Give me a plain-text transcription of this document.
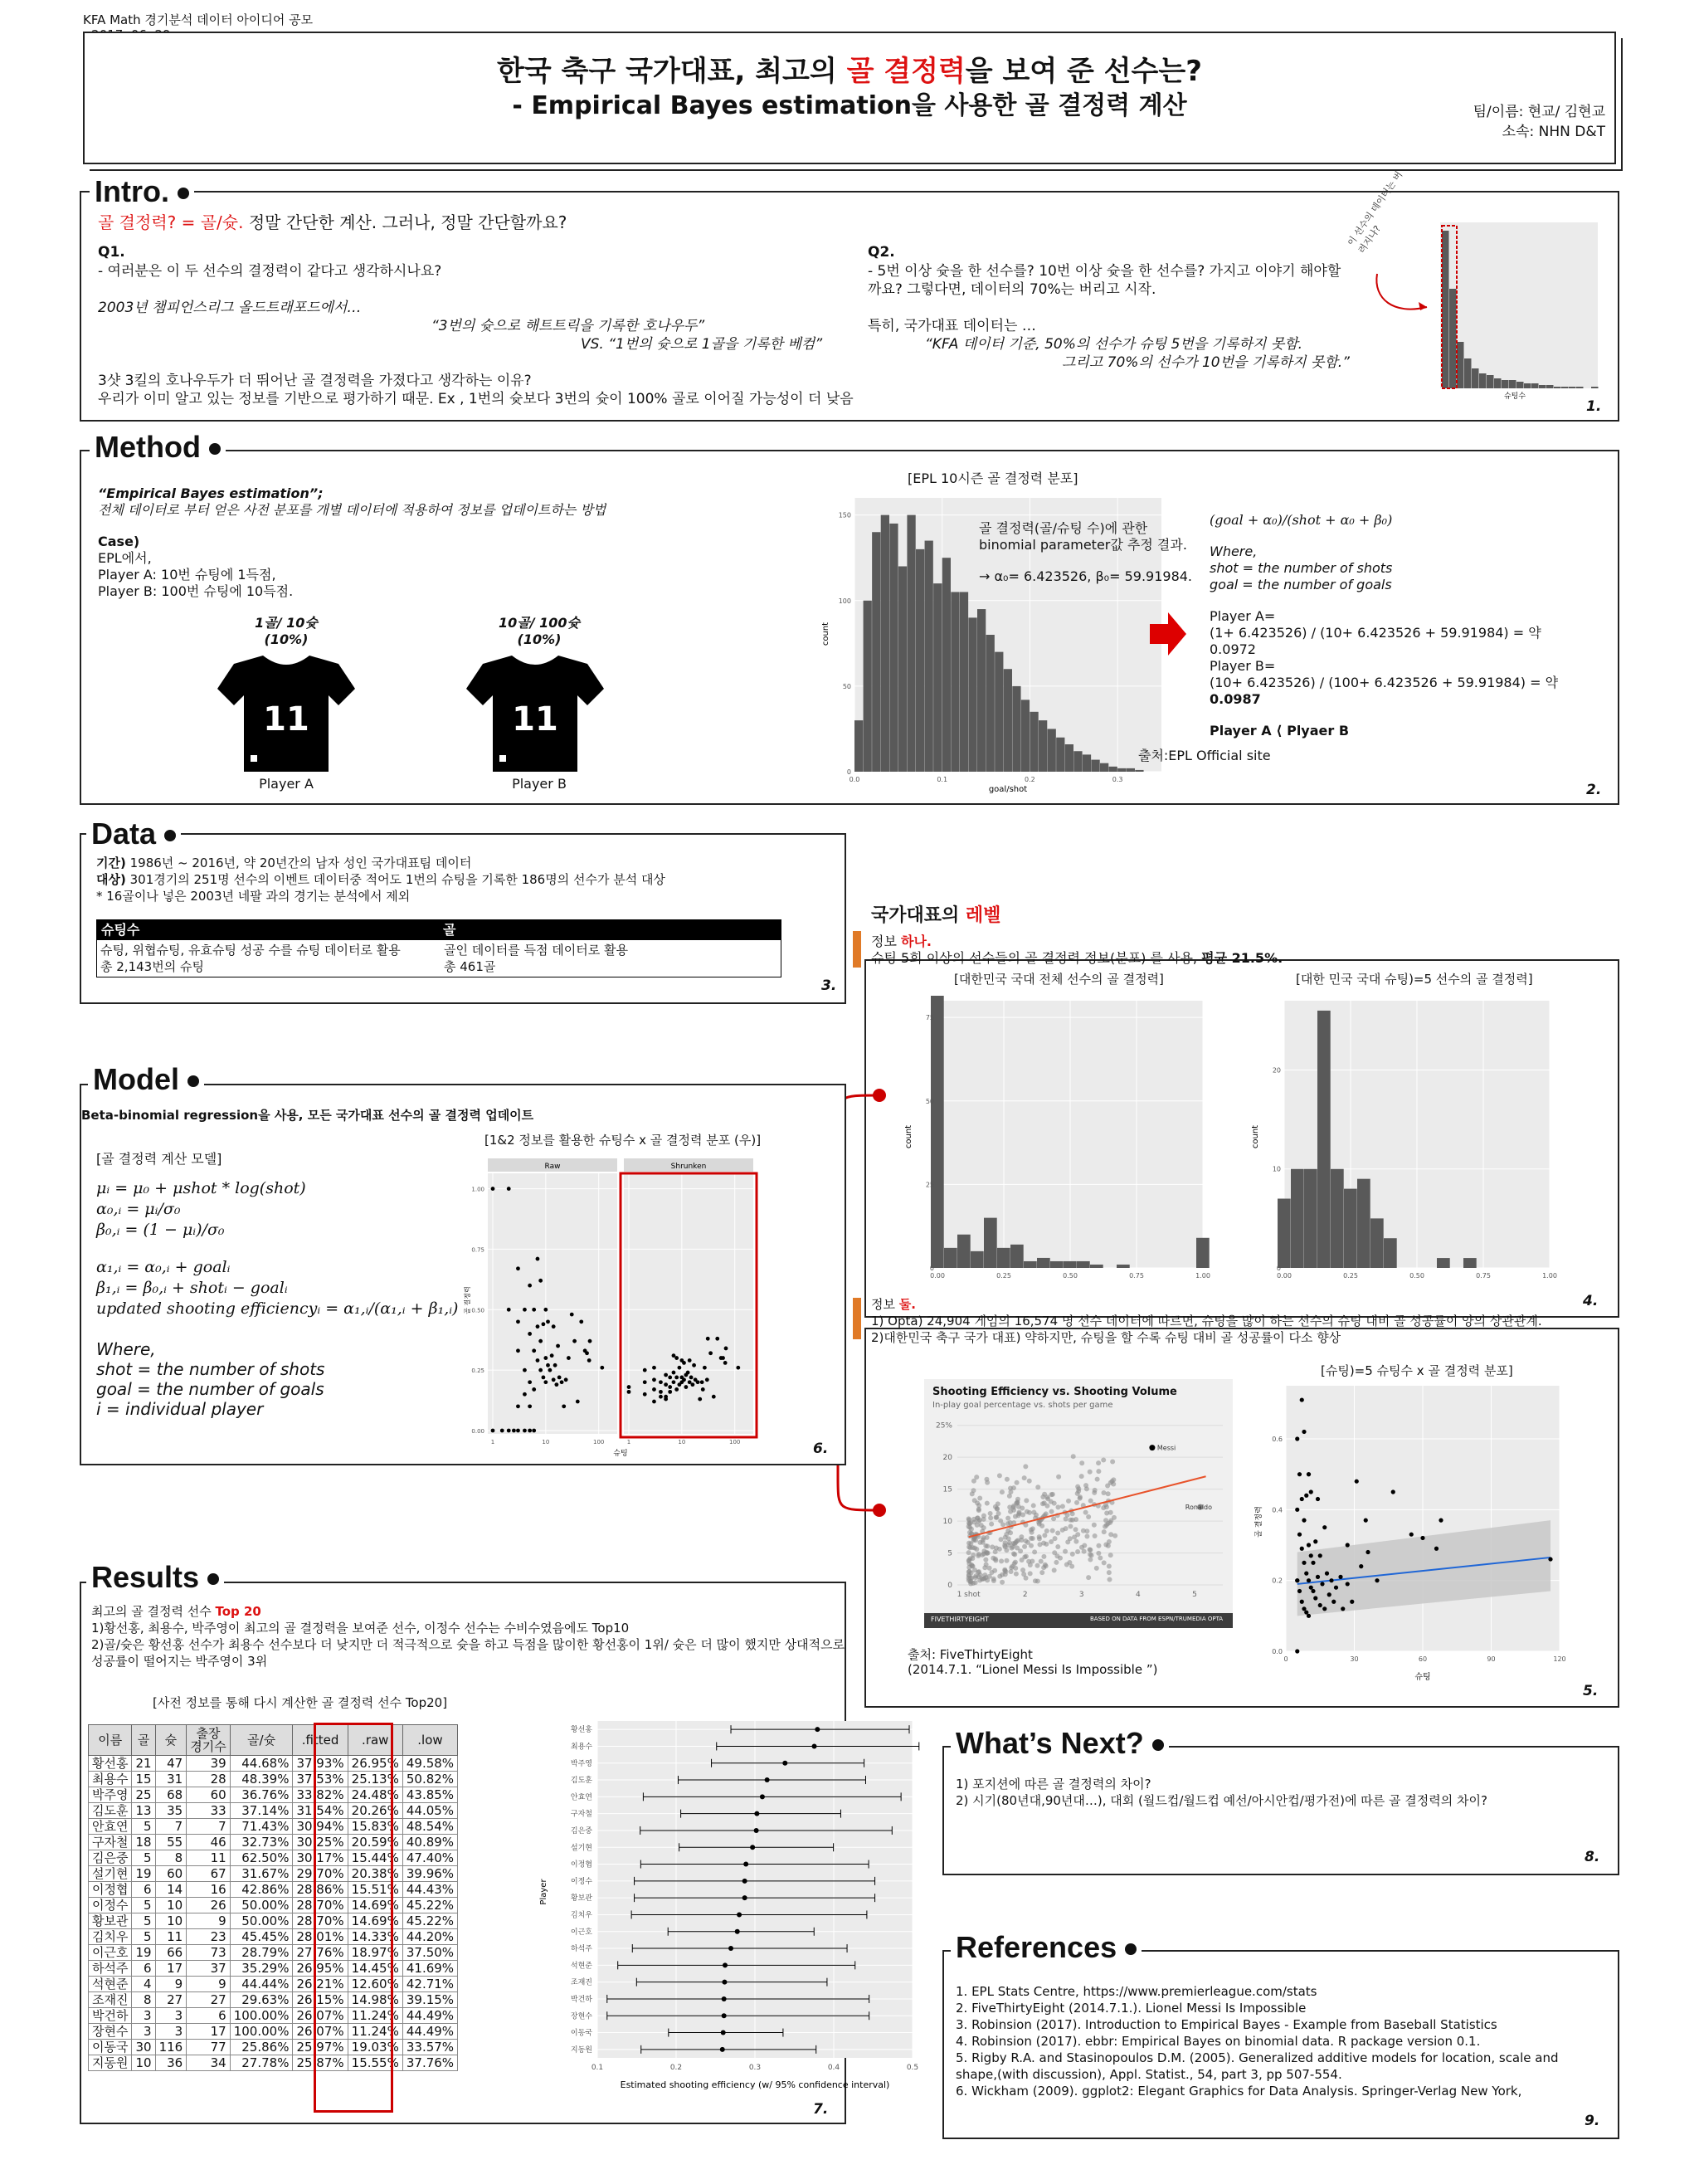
KFA Math 경기분석 데이터 아이디어 공모
한국 축구 국가대표, 최고의 골 결정력을 보여 준 선수는?
- Empirical Bayes estimation을 사용한 골 결정력 계산	팀/이름: 현교/ 김현교
소속: NHN D&T
Intro.
골 결정력? = 골/슛. 정말 간단한 계산. 그러나, 정말 간단할까요?
Q1.
- 여러분은 이 두 선수의 결정력이 같다고 생각하시나요?
2003년 챔피언스리그 올드트래포드에서…
“3번의 슛으로 해트트릭을 기록한 호나우두”
VS. “1번의 슛으로 1골을 기록한 베컴”
3샷 3킬의 호나우두가 더 뛰어난 골 결정력을 가졌다고 생각하는 이유?
우리가 이미 알고 있는 정보를 기반으로 평가하기 때문. Ex , 1번의 슛보다 3번의 슛이 100% 골로 이어질 가능성이 더 낮음
Q2.
- 5번 이상 슛을 한 선수를? 10번 이상 슛을 한 선수를? 가지고 이야기 해야할
까요? 그렇다면, 데이터의 70%는 버리고 시작.
특히, 국가대표 데이터는 …
“KFA 데이터 기준, 50%의 선수가 슈팅 5번을 기록하지 못함.
그리고 70%의 선수가 10번을 기록하지 못함.”
이 선수의 데이터는 버려지나?
슈팅수
1.
Method
“Empirical Bayes estimation”;
전체 데이터로 부터 얻은 사전 분포를 개별 데이터에 적용하여 정보를 업데이트하는 방법
Case)
EPL에서,
Player A: 10번 슈팅에 1득점,
Player B: 100번 슈팅에 10득점.
1골/ 10슛
(10%)
10골/ 100슛
(10%)
11	11
Player A	Player B
[EPL 10시즌 골 결정력 분포]
0
50
100
150
0.0	0.1	0.2	0.3
goal/shot
count
골 결정력(골/슈팅 수)에 관한
binomial parameter값 추정 결과.
→ α₀= 6.423526, β₀= 59.91984.
(goal + α₀)/(shot + α₀ + β₀)
Where,
shot = the number of shots
goal = the number of goals
Player A=
(1+ 6.423526) / (10+ 6.423526 + 59.91984) = 약
0.0972
Player B=
(10+ 6.423526) / (100+ 6.423526 + 59.91984) = 약
0.0987
Player A ⟨ Plyaer B
출처:EPL Official site
2.
Data
기간) 1986년 ~ 2016년, 약 20년간의 남자 성인 국가대표팀 데이터
대상) 301경기의 251명 선수의 이벤트 데이터중 적어도 1번의 슈팅을 기록한 186명의 선수가 분석 대상
* 16골이나 넣은 2003년 네팔 과의 경기는 분석에서 제외
슈팅수	골
슈팅, 위협슈팅, 유효슈팅 성공 수를 슈팅 데이터로 활용	골인 데이터를 득점 데이터로 활용
총 2,143번의 슈팅	총 461골
3.
국가대표의 레벨
정보 하나.
슈팅 5회 이상의 선수들의 골 결정력 정보(분포) 를 사용, 평균 21.5%.
[대한민국 국대 전체 선수의 골 결정력]	[대한 민국 국대 슈팅)=5 선수의 골 결정력]
0
25
50
75
0.00	0.25	0.50	0.75	1.00
count
0
10
20
0.00	0.25	0.50	0.75	1.00
count
4.
정보 둘.
1) Opta) 24,904 게임의 16,574 명 선수 데이터에 따르면, 슈팅을 많이 하는 선수의 슈팅 대비 골 성공률이 양의 상관관계.
2)대한민국 축구 국가 대표) 약하지만, 슈팅을 할 수록 슈팅 대비 골 성공률이 다소 향상
Shooting Efficiency vs. Shooting Volume
In-play goal percentage vs. shots per game
Messi
Ronaldo
0
5
10
15
20
25%
1 shot	2	3	4	5
FIVETHIRTYEIGHT	BASED ON DATA FROM ESPN/TRUMEDIA OPTA
출처: FiveThirtyEight
(2014.7.1. “Lionel Messi Is Impossible ”)
[슈팅)=5 슈팅수 x 골 결정력 분포]
0.0
0.2
0.4
0.6
0	30	60	90	120
슈팅
골 결정력
5.
Model
Beta-binomial regression을 사용, 모든 국가대표 선수의 골 결정력 업데이트
[골 결정력 계산 모델]
μᵢ = μ₀ + μshot * log(shot)
α₀,ᵢ = μᵢ/σ₀
β₀,ᵢ = (1 − μᵢ)/σ₀
α₁,ᵢ = α₀,ᵢ + goalᵢ
β₁,ᵢ = β₀,ᵢ + shotᵢ − goalᵢ
updated shooting efficiencyᵢ = α₁,ᵢ/(α₁,ᵢ + β₁,ᵢ)
Where,
shot = the number of shots
goal = the number of goals
i = individual player
[1&2 정보를 활용한 슈팅수 x 골 결정력 분포 (우)]
Raw	Shrunken
0.00
0.25
0.50
0.75
1.00
1	10	100	1	10	100
슈팅
골 결정력
6.
Results
최고의 골 결정력 선수 Top 20
1)황선홍, 최용수, 박주영이 최고의 골 결정력을 보여준 선수, 이정수 선수는 수비수였음에도 Top10
2)골/슛은 황선홍 선수가 최용수 선수보다 더 낮지만 더 적극적으로 슛을 하고 득점을 많이한 황선홍이 1위/ 슛은 더 많이 했지만 상대적으로
성공률이 떨어지는 박주영이 3위
[사전 정보를 통해 다시 계산한 골 결정력 선수 Top20]
이름	골	슛	출장
경기수	골/슛	.fitted	.raw	.low
황선홍	21	47	39	44.68%	37.93%	26.95%	49.58%
최용수	15	31	28	48.39%	37.53%	25.13%	50.82%
박주영	25	68	60	36.76%	33.82%	24.48%	43.85%
김도훈	13	35	33	37.14%	31.54%	20.26%	44.05%
안효연	5	7	7	71.43%	30.94%	15.83%	48.54%
구자철	18	55	46	32.73%	30.25%	20.59%	40.89%
김은중	5	8	11	62.50%	30.17%	15.44%	47.40%
설기현	19	60	67	31.67%	29.70%	20.38%	39.96%
이정협	6	14	16	42.86%	28.86%	15.51%	44.43%
이정수	5	10	26	50.00%	28.70%	14.69%	45.22%
황보관	5	10	9	50.00%	28.70%	14.69%	45.22%
김치우	5	11	23	45.45%	28.01%	14.33%	44.20%
이근호	19	66	73	28.79%	27.76%	18.97%	37.50%
하석주	6	17	37	35.29%	26.95%	14.45%	41.69%
석현준	4	9	9	44.44%	26.21%	12.60%	42.71%
조재진	8	27	27	29.63%	26.15%	14.98%	39.15%
박건하	3	3	6	100.00%	26.07%	11.24%	44.49%
장현수	3	3	17	100.00%	26.07%	11.24%	44.49%
이동국	30	116	77	25.86%	25.97%	19.03%	33.57%
지동원	10	36	34	27.78%	25.87%	15.55%	37.76%	0.1	0.2	0.3	0.4	0.5
황선홍
최용수
박주영
김도훈
안효연
구자철
김은중
설기현
이정협
이정수
황보관
김치우
이근호
하석주
석현준
조재진
박건하
장현수
이동국
지동원
Estimated shooting efficiency (w/ 95% confidence interval)
Player
7.
What’s Next?
1) 포지션에 따른 골 결정력의 차이?
2) 시기(80년대,90년대…), 대회 (월드컵/월드컵 예선/아시안컵/평가전)에 따른 골 결정력의 차이?
8.
References
1. EPL Stats Centre, https://www.premierleague.com/stats
2. FiveThirtyEight (2014.7.1.). Lionel Messi Is Impossible
3. Robinsion (2017). Introduction to Empirical Bayes - Example from Baseball Statistics
4. Robinsion (2017). ebbr: Empirical Bayes on binomial data. R package version 0.1.
5. Rigby R.A. and Stasinopoulos D.M. (2005). Generalized additive models for location, scale and
shape,(with discussion), Appl. Statist., 54, part 3, pp 507-554.
6. Wickham (2009). ggplot2: Elegant Graphics for Data Analysis. Springer-Verlag New York,
9.
